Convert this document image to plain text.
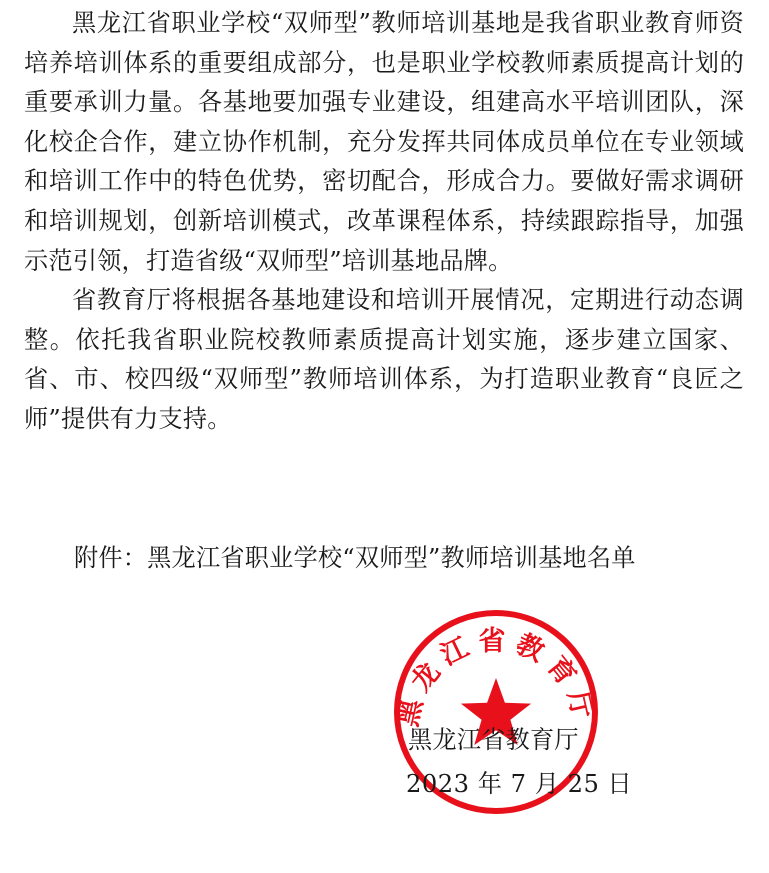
黑龙江省职业学校“双师型”教师培训基地是我省职业教育师资培养培训体系的重要组成部分，也是职业学校教师素质提高计划的重要承训力量。各基地要加强专业建设，组建高水平培训团队，深化校企合作，建立协作机制，充分发挥共同体成员单位在专业领域和培训工作中的特色优势，密切配合，形成合力。要做好需求调研和培训规划，创新培训模式，改革课程体系，持续跟踪指导，加强示范引领，打造省级“双师型”培训基地品牌。

省教育厅将根据各基地建设和培训开展情况，定期进行动态调整。依托我省职业院校教师素质提高计划实施，逐步建立国家、省、市、校四级“双师型”教师培训体系，为打造职业教育“良匠之师”提供有力支持。

附件：黑龙江省职业学校“双师型”教师培训基地名单
黑龙江省教育厅
黑龙江省教育厅
2023 年 7 月 25 日
